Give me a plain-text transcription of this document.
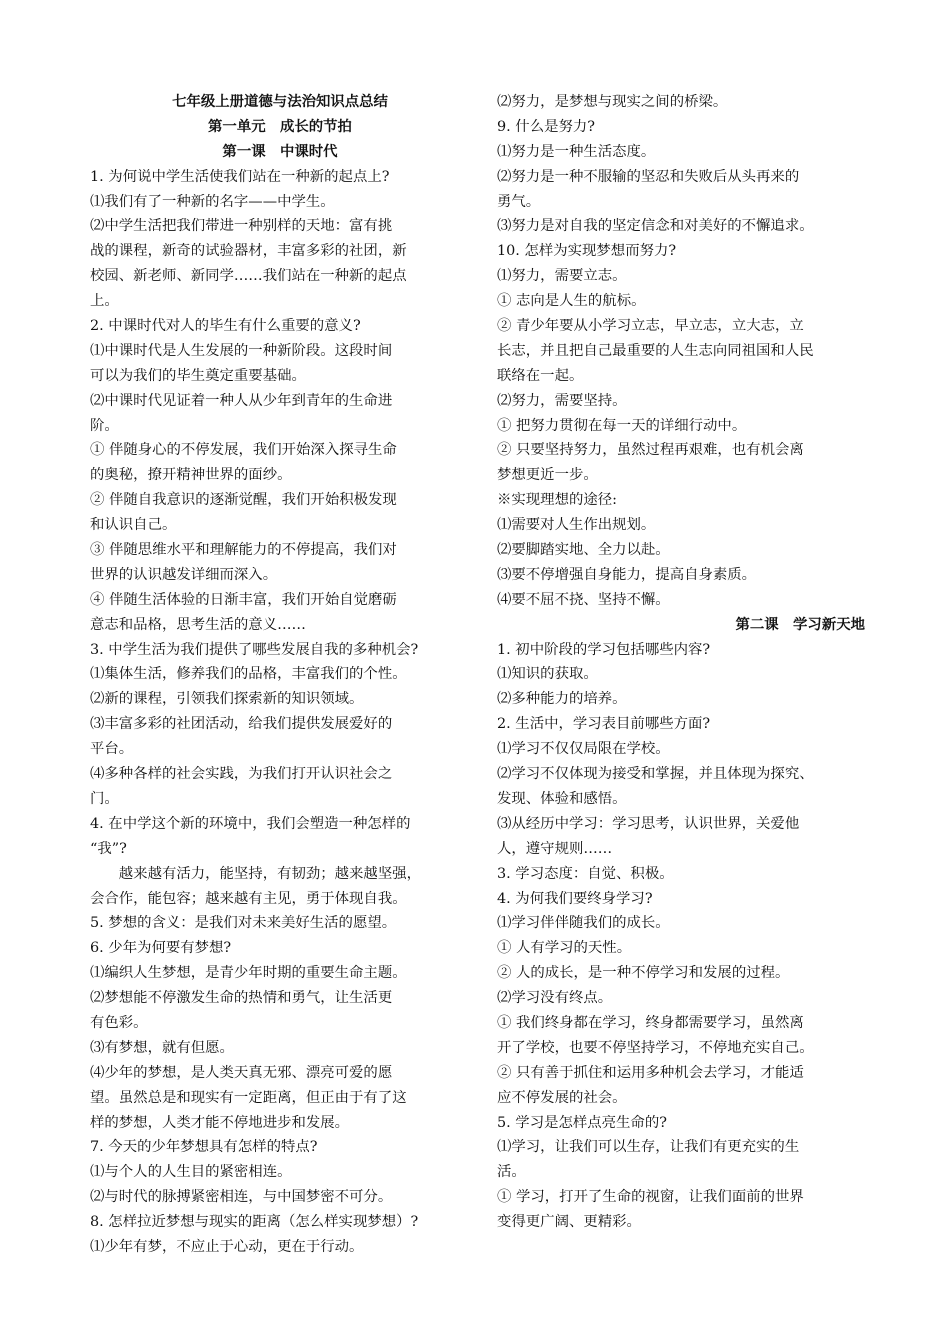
七年级上册道德与法治知识点总结
第一单元　成长的节拍
第一课　中课时代
1. 为何说中学生活使我们站在一种新的起点上?
⑴我们有了一种新的名字——中学生。
⑵中学生活把我们带进一种别样的天地：富有挑
战的课程，新奇的试验器材，丰富多彩的社团，新
校园、新老师、新同学……我们站在一种新的起点
上。
2. 中课时代对人的毕生有什么重要的意义?
⑴中课时代是人生发展的一种新阶段。这段时间
可以为我们的毕生奠定重要基础。
⑵中课时代见证着一种人从少年到青年的生命进
阶。
① 伴随身心的不停发展，我们开始深入探寻生命
的奥秘，撩开精神世界的面纱。
② 伴随自我意识的逐渐觉醒，我们开始积极发现
和认识自己。
③ 伴随思维水平和理解能力的不停提高，我们对
世界的认识越发详细而深入。
④ 伴随生活体验的日渐丰富，我们开始自觉磨砺
意志和品格，思考生活的意义……
3. 中学生活为我们提供了哪些发展自我的多种机会?
⑴集体生活，修养我们的品格，丰富我们的个性。
⑵新的课程，引领我们探索新的知识领域。
⑶丰富多彩的社团活动，给我们提供发展爱好的
平台。
⑷多种各样的社会实践，为我们打开认识社会之
门。
4. 在中学这个新的环境中，我们会塑造一种怎样的
“我”?
　　越来越有活力，能坚持，有韧劲；越来越坚强，
会合作，能包容；越来越有主见，勇于体现自我。
5. 梦想的含义：是我们对未来美好生活的愿望。
6. 少年为何要有梦想?
⑴编织人生梦想，是青少年时期的重要生命主题。
⑵梦想能不停激发生命的热情和勇气，让生活更
有色彩。
⑶有梦想，就有但愿。
⑷少年的梦想，是人类天真无邪、漂亮可爱的愿
望。虽然总是和现实有一定距离，但正由于有了这
样的梦想，人类才能不停地进步和发展。
7. 今天的少年梦想具有怎样的特点?
⑴与个人的人生目的紧密相连。
⑵与时代的脉搏紧密相连，与中国梦密不可分。
8. 怎样拉近梦想与现实的距离（怎么样实现梦想）?
⑴少年有梦，不应止于心动，更在于行动。
⑵努力，是梦想与现实之间的桥梁。
9. 什么是努力?
⑴努力是一种生活态度。
⑵努力是一种不服输的坚忍和失败后从头再来的
勇气。
⑶努力是对自我的坚定信念和对美好的不懈追求。
10. 怎样为实现梦想而努力?
⑴努力，需要立志。
① 志向是人生的航标。
② 青少年要从小学习立志，早立志，立大志，立
长志，并且把自己最重要的人生志向同祖国和人民
联络在一起。
⑵努力，需要坚持。
① 把努力贯彻在每一天的详细行动中。
② 只要坚持努力，虽然过程再艰难，也有机会离
梦想更近一步。
※实现理想的途径:
⑴需要对人生作出规划。
⑵要脚踏实地、全力以赴。
⑶要不停增强自身能力，提高自身素质。
⑷要不屈不挠、坚持不懈。
第二课　学习新天地
1. 初中阶段的学习包括哪些内容?
⑴知识的获取。
⑵多种能力的培养。
2. 生活中，学习表目前哪些方面?
⑴学习不仅仅局限在学校。
⑵学习不仅体现为接受和掌握，并且体现为探究、
发现、体验和感悟。
⑶从经历中学习：学习思考，认识世界，关爱他
人，遵守规则……
3. 学习态度：自觉、积极。
4. 为何我们要终身学习?
⑴学习伴伴随我们的成长。
① 人有学习的天性。
② 人的成长，是一种不停学习和发展的过程。
⑵学习没有终点。
① 我们终身都在学习，终身都需要学习，虽然离
开了学校，也要不停坚持学习，不停地充实自己。
② 只有善于抓住和运用多种机会去学习，才能适
应不停发展的社会。
5. 学习是怎样点亮生命的?
⑴学习，让我们可以生存，让我们有更充实的生
活。
① 学习，打开了生命的视窗，让我们面前的世界
变得更广阔、更精彩。
